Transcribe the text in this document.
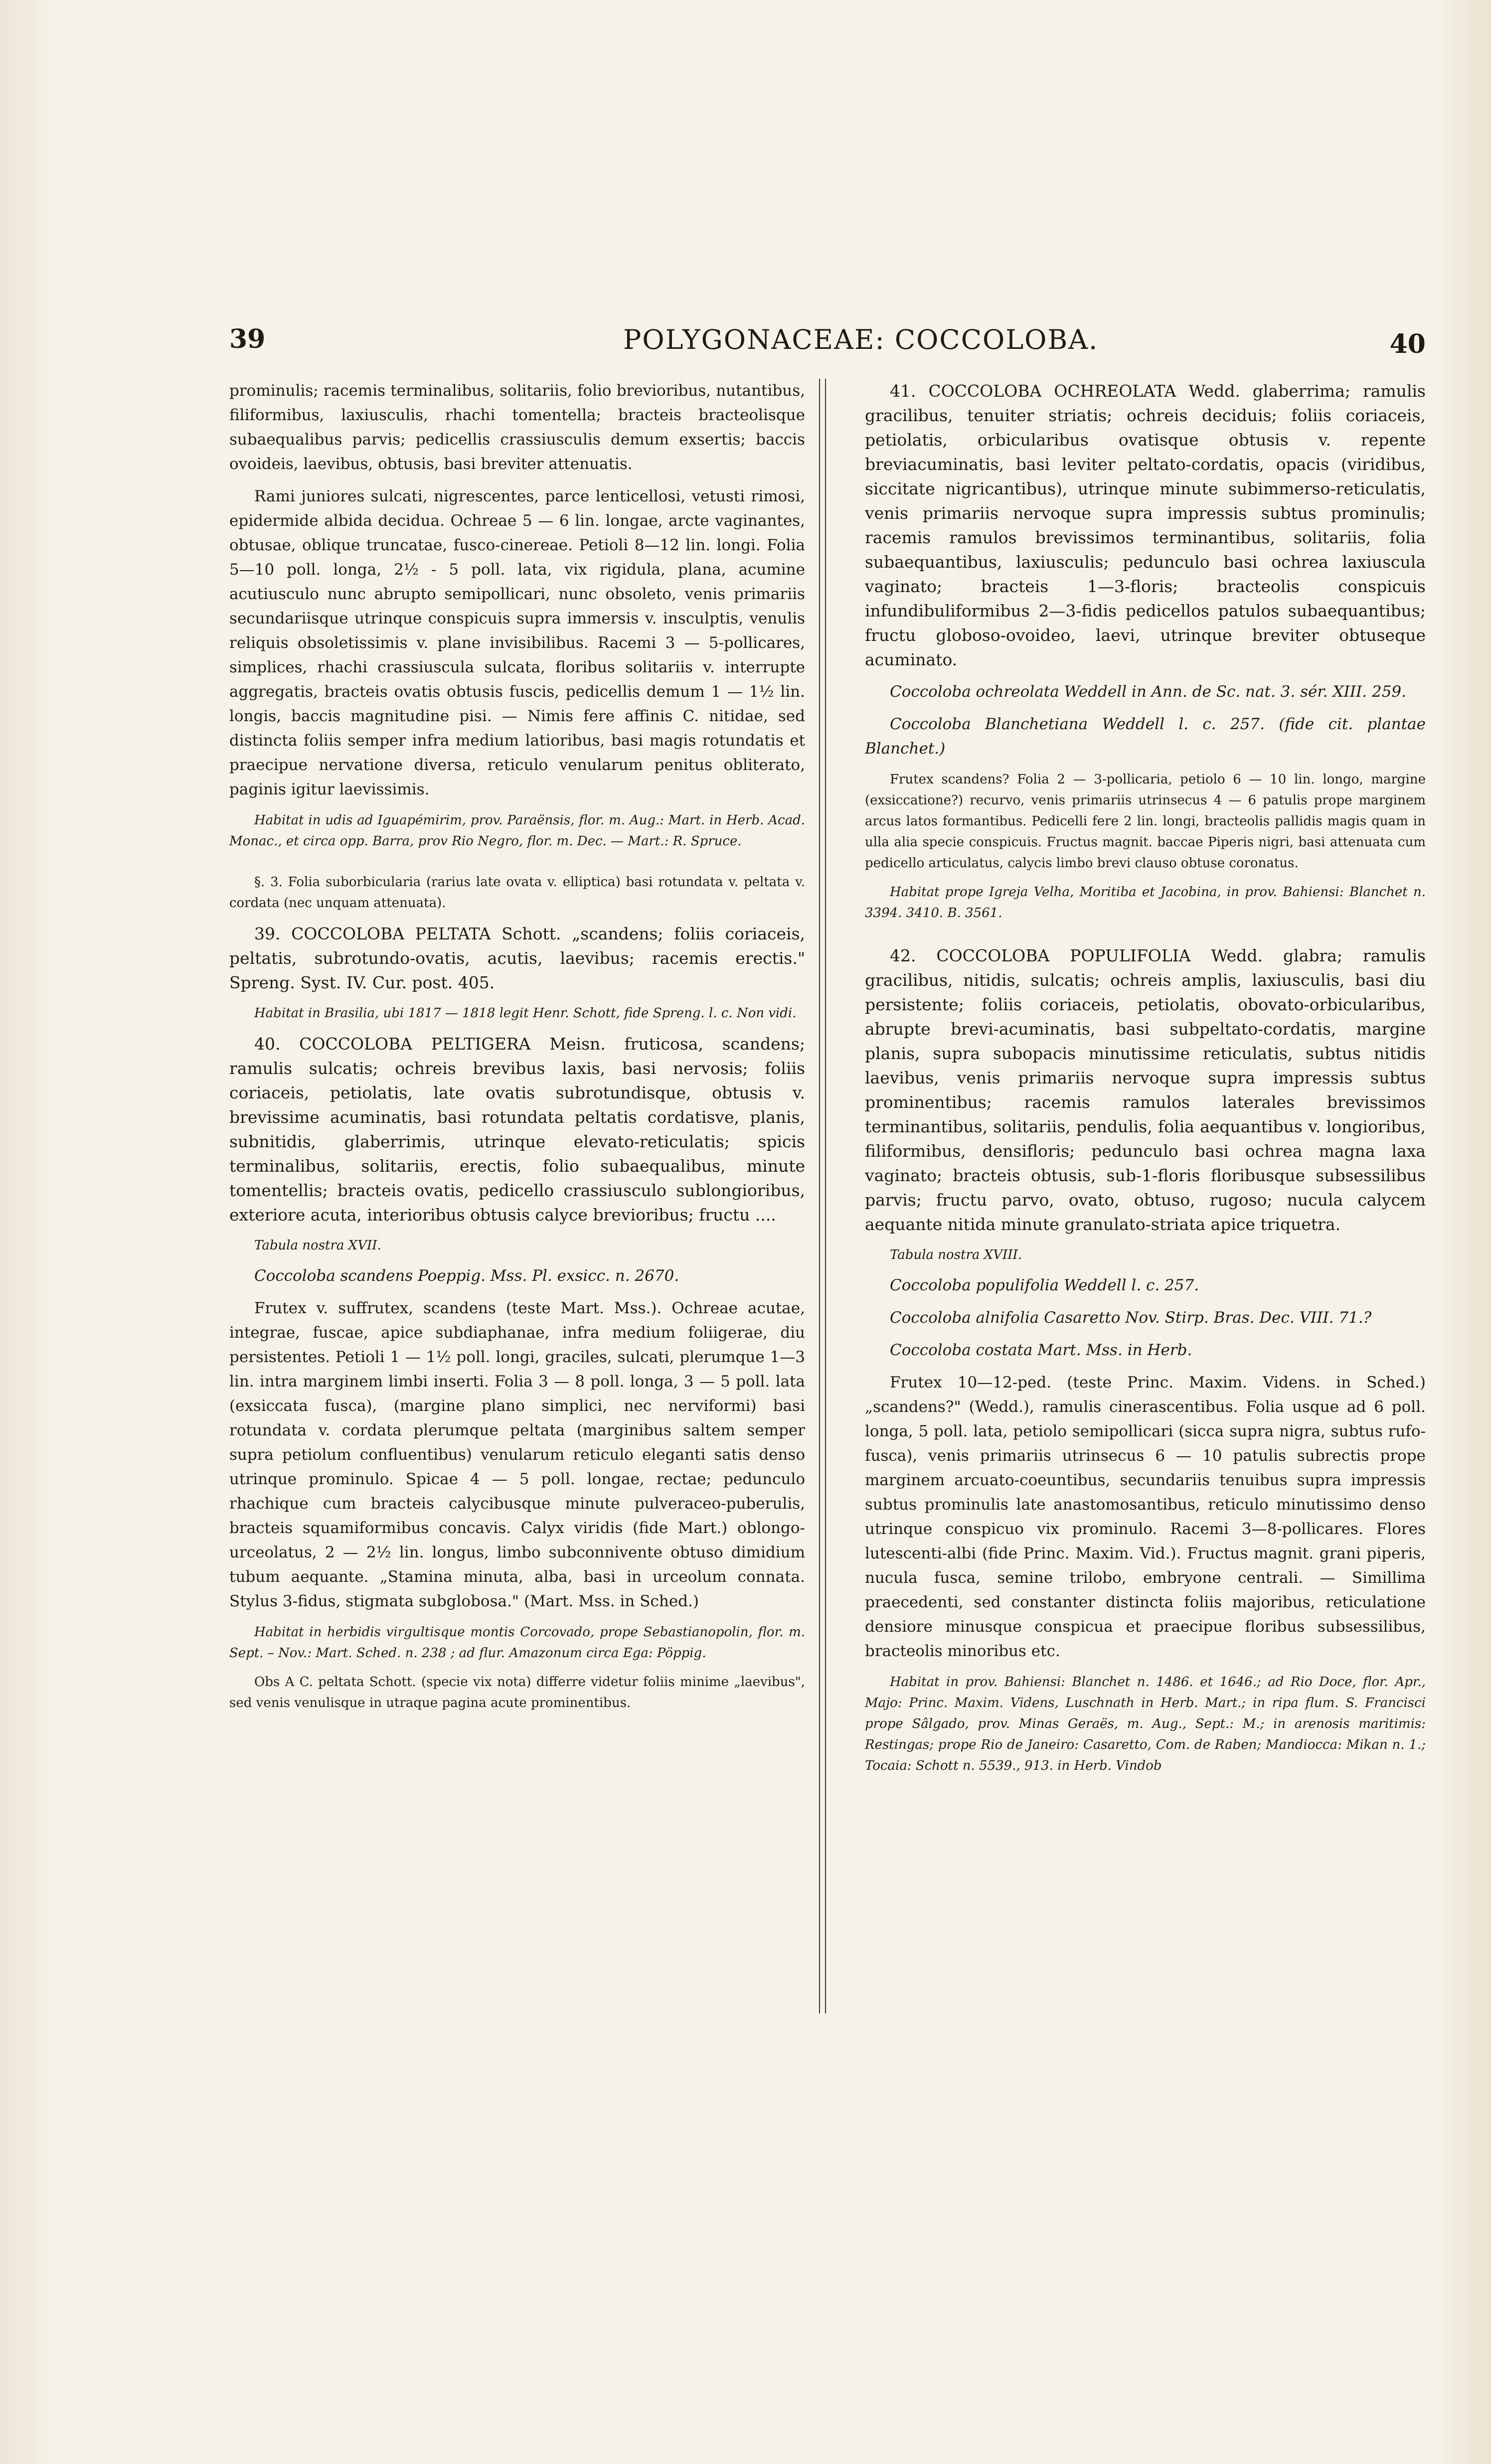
39	POLYGONACEAE: COCCOLOBA.	40

prominulis; racemis terminalibus, solitariis, folio brevioribus, nutantibus, filiformibus, laxiusculis, rhachi tomentella; bracteis bracteolisque subaequalibus parvis; pedicellis crassiusculis demum exsertis; baccis ovoideis, laevibus, obtusis, basi breviter attenuatis.

Rami juniores sulcati, nigrescentes, parce lenticellosi, vetusti rimosi, epidermide albida decidua. Ochreae 5 — 6 lin. longae, arcte vaginantes, obtusae, oblique truncatae, fusco-cinereae. Petioli 8—12 lin. longi. Folia 5—10 poll. longa, 2½ - 5 poll. lata, vix rigidula, plana, acumine acutiusculo nunc abrupto semipollicari, nunc obsoleto, venis primariis secundariisque utrinque conspicuis supra immersis v. insculptis, venulis reliquis obsoletissimis v. plane invisibilibus. Racemi 3 — 5-pollicares, simplices, rhachi crassiuscula sulcata, floribus solitariis v. interrupte aggregatis, bracteis ovatis obtusis fuscis, pedicellis demum 1 — 1½ lin. longis, baccis magnitudine pisi. — Nimis fere affinis C. nitidae, sed distincta foliis semper infra medium latioribus, basi magis rotundatis et praecipue nervatione diversa, reticulo venularum penitus obliterato, paginis igitur laevissimis.

Habitat in udis ad Iguapémirim, prov. Paraënsis, flor. m. Aug.: Mart. in Herb. Acad. Monac., et circa opp. Barra, prov Rio Negro, flor. m. Dec. — Mart.: R. Spruce.

§. 3. Folia suborbicularia (rarius late ovata v. elliptica) basi rotundata v. peltata v. cordata (nec unquam attenuata).

39. COCCOLOBA PELTATA Schott. „scandens; foliis coriaceis, peltatis, subrotundo-ovatis, acutis, laevibus; racemis erectis." Spreng. Syst. IV. Cur. post. 405.

Habitat in Brasilia, ubi 1817 — 1818 legit Henr. Schott, fide Spreng. l. c. Non vidi.

40. COCCOLOBA PELTIGERA Meisn. fruticosa, scandens; ramulis sulcatis; ochreis brevibus laxis, basi nervosis; foliis coriaceis, petiolatis, late ovatis subrotundisque, obtusis v. brevissime acuminatis, basi rotundata peltatis cordatisve, planis, subnitidis, glaberrimis, utrinque elevato-reticulatis; spicis terminalibus, solitariis, erectis, folio subaequalibus, minute tomentellis; bracteis ovatis, pedicello crassiusculo sublongioribus, exteriore acuta, interioribus obtusis calyce brevioribus; fructu ....

Tabula nostra XVII.

Coccoloba scandens Poeppig. Mss. Pl. exsicc. n. 2670.

Frutex v. suffrutex, scandens (teste Mart. Mss.). Ochreae acutae, integrae, fuscae, apice subdiaphanae, infra medium foliigerae, diu persistentes. Petioli 1 — 1½ poll. longi, graciles, sulcati, plerumque 1—3 lin. intra marginem limbi inserti. Folia 3 — 8 poll. longa, 3 — 5 poll. lata (exsiccata fusca), (margine plano simplici, nec nerviformi) basi rotundata v. cordata plerumque peltata (marginibus saltem semper supra petiolum confluentibus) venularum reticulo eleganti satis denso utrinque prominulo. Spicae 4 — 5 poll. longae, rectae; pedunculo rhachique cum bracteis calycibusque minute pulveraceo-puberulis, bracteis squamiformibus concavis. Calyx viridis (fide Mart.) oblongo-urceolatus, 2 — 2½ lin. longus, limbo subconnivente obtuso dimidium tubum aequante. „Stamina minuta, alba, basi in urceolum connata. Stylus 3-fidus, stigmata subglobosa." (Mart. Mss. in Sched.)

Habitat in herbidis virgultisque montis Corcovado, prope Sebastianopolin, flor. m. Sept. – Nov.: Mart. Sched. n. 238 ; ad flur. Amazonum circa Ega: Pöppig.

Obs A C. peltata Schott. (specie vix nota) differre videtur foliis minime „laevibus", sed venis venulisque in utraque pagina acute prominentibus.

41. COCCOLOBA OCHREOLATA Wedd. glaberrima; ramulis gracilibus, tenuiter striatis; ochreis deciduis; foliis coriaceis, petiolatis, orbicularibus ovatisque obtusis v. repente breviacuminatis, basi leviter peltato-cordatis, opacis (viridibus, siccitate nigricantibus), utrinque minute subimmerso-reticulatis, venis primariis nervoque supra impressis subtus prominulis; racemis ramulos brevissimos terminantibus, solitariis, folia subaequantibus, laxiusculis; pedunculo basi ochrea laxiuscula vaginato; bracteis 1—3-floris; bracteolis conspicuis infundibuliformibus 2—3-fidis pedicellos patulos subaequantibus; fructu globoso-ovoideo, laevi, utrinque breviter obtuseque acuminato.

Coccoloba ochreolata Weddell in Ann. de Sc. nat. 3. sér. XIII. 259.

Coccoloba Blanchetiana Weddell l. c. 257. (fide cit. plantae Blanchet.)

Frutex scandens? Folia 2 — 3-pollicaria, petiolo 6 — 10 lin. longo, margine (exsiccatione?) recurvo, venis primariis utrinsecus 4 — 6 patulis prope marginem arcus latos formantibus. Pedicelli fere 2 lin. longi, bracteolis pallidis magis quam in ulla alia specie conspicuis. Fructus magnit. baccae Piperis nigri, basi attenuata cum pedicello articulatus, calycis limbo brevi clauso obtuse coronatus.

Habitat prope Igreja Velha, Moritiba et Jacobina, in prov. Bahiensi: Blanchet n. 3394. 3410. B. 3561.

42. COCCOLOBA POPULIFOLIA Wedd. glabra; ramulis gracilibus, nitidis, sulcatis; ochreis amplis, laxiusculis, basi diu persistente; foliis coriaceis, petiolatis, obovato-orbicularibus, abrupte brevi-acuminatis, basi subpeltato-cordatis, margine planis, supra subopacis minutissime reticulatis, subtus nitidis laevibus, venis primariis nervoque supra impressis subtus prominentibus; racemis ramulos laterales brevissimos terminantibus, solitariis, pendulis, folia aequantibus v. longioribus, filiformibus, densifloris; pedunculo basi ochrea magna laxa vaginato; bracteis obtusis, sub-1-floris floribusque subsessilibus parvis; fructu parvo, ovato, obtuso, rugoso; nucula calycem aequante nitida minute granulato-striata apice triquetra.

Tabula nostra XVIII.

Coccoloba populifolia Weddell l. c. 257.

Coccoloba alnifolia Casaretto Nov. Stirp. Bras. Dec. VIII. 71.?

Coccoloba costata Mart. Mss. in Herb.

Frutex 10—12-ped. (teste Princ. Maxim. Videns. in Sched.) „scandens?" (Wedd.), ramulis cinerascentibus. Folia usque ad 6 poll. longa, 5 poll. lata, petiolo semipollicari (sicca supra nigra, subtus rufo-fusca), venis primariis utrinsecus 6 — 10 patulis subrectis prope marginem arcuato-coeuntibus, secundariis tenuibus supra impressis subtus prominulis late anastomosantibus, reticulo minutissimo denso utrinque conspicuo vix prominulo. Racemi 3—8-pollicares. Flores lutescenti-albi (fide Princ. Maxim. Vid.). Fructus magnit. grani piperis, nucula fusca, semine trilobo, embryone centrali. — Simillima praecedenti, sed constanter distincta foliis majoribus, reticulatione densiore minusque conspicua et praecipue floribus subsessilibus, bracteolis minoribus etc.

Habitat in prov. Bahiensi: Blanchet n. 1486. et 1646.; ad Rio Doce, flor. Apr., Majo: Princ. Maxim. Videns, Luschnath in Herb. Mart.; in ripa flum. S. Francisci prope Sâlgado, prov. Minas Geraës, m. Aug., Sept.: M.; in arenosis maritimis: Restingas; prope Rio de Janeiro: Casaretto, Com. de Raben; Mandiocca: Mikan n. 1.; Tocaia: Schott n. 5539., 913. in Herb. Vindob
